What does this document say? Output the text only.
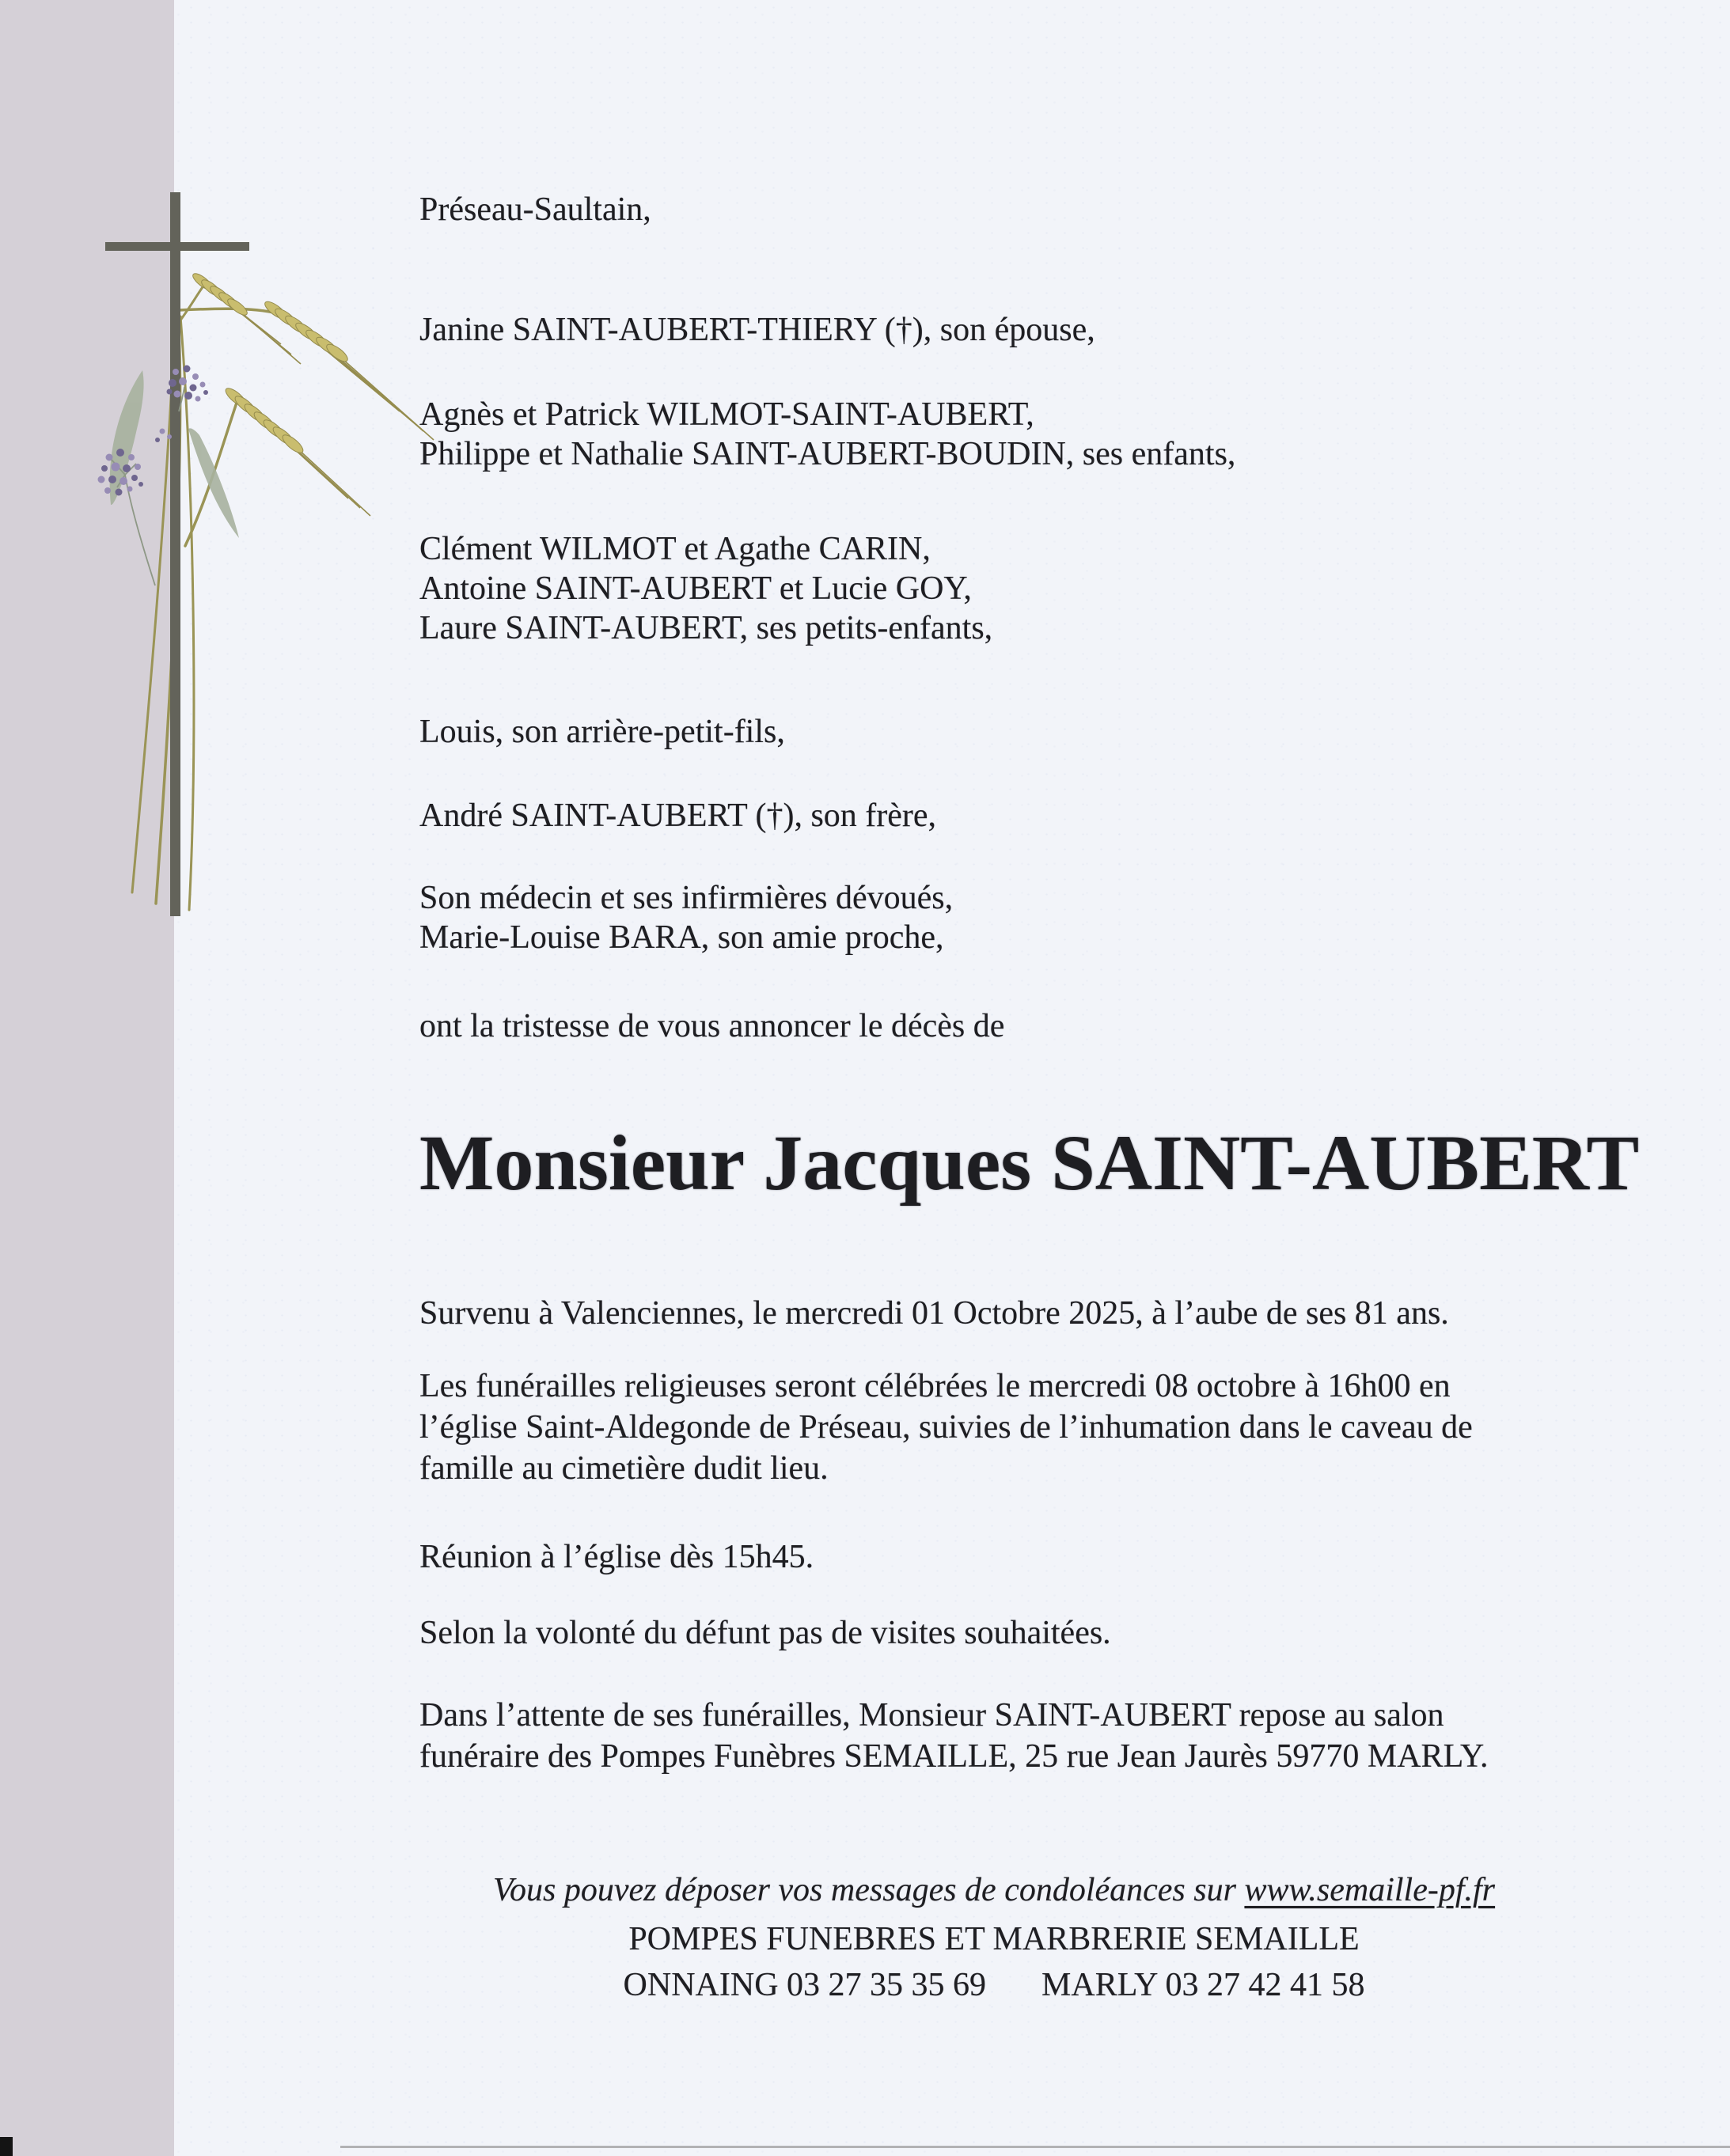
Préseau-Saultain,
Janine SAINT-AUBERT-THIERY (†), son épouse,
Agnès et Patrick WILMOT-SAINT-AUBERT,
Philippe et Nathalie SAINT-AUBERT-BOUDIN, ses enfants,
Clément WILMOT et Agathe CARIN,
Antoine SAINT-AUBERT et Lucie GOY,
Laure SAINT-AUBERT, ses petits-enfants,
Louis, son arrière-petit-fils,
André SAINT-AUBERT (†), son frère,
Son médecin et ses infirmières dévoués,
Marie-Louise BARA, son amie proche,
ont la tristesse de vous annoncer le décès de
Monsieur Jacques SAINT-AUBERT
Survenu à Valenciennes, le mercredi 01 Octobre 2025, à l’aube de ses 81 ans.
Les funérailles religieuses seront célébrées le mercredi 08 octobre à 16h00 en
l’église Saint-Aldegonde de Préseau, suivies de l’inhumation dans le caveau de
famille au cimetière dudit lieu.
Réunion à l’église dès 15h45.
Selon la volonté du défunt pas de visites souhaitées.
Dans l’attente de ses funérailles, Monsieur SAINT-AUBERT repose au salon
funéraire des Pompes Funèbres SEMAILLE, 25 rue Jean Jaurès 59770 MARLY.
Vous pouvez déposer vos messages de condoléances sur www.semaille-pf.fr
POMPES FUNEBRES ET MARBRERIE SEMAILLE
ONNAING 03 27 35 35 69 MARLY 03 27 42 41 58
